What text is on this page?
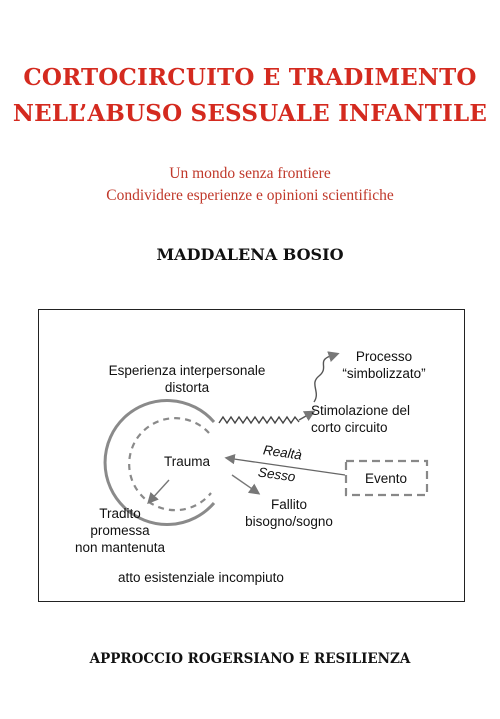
CORTOCIRCUITO E TRADIMENTO
NELL’ABUSO SESSUALE INFANTILE
Un mondo senza frontiere
Condividere esperienze e opinioni scientifiche
MADDALENA BOSIO
Esperienza interpersonale
distorta
Processo
“simbolizzato”
Stimolazione del
corto circuito
Trauma	Realtà
Sesso	Evento
Fallito
bisogno/sogno
Tradito
promessa
non mantenuta
atto esistenziale incompiuto
APPROCCIO ROGERSIANO E RESILIENZA
